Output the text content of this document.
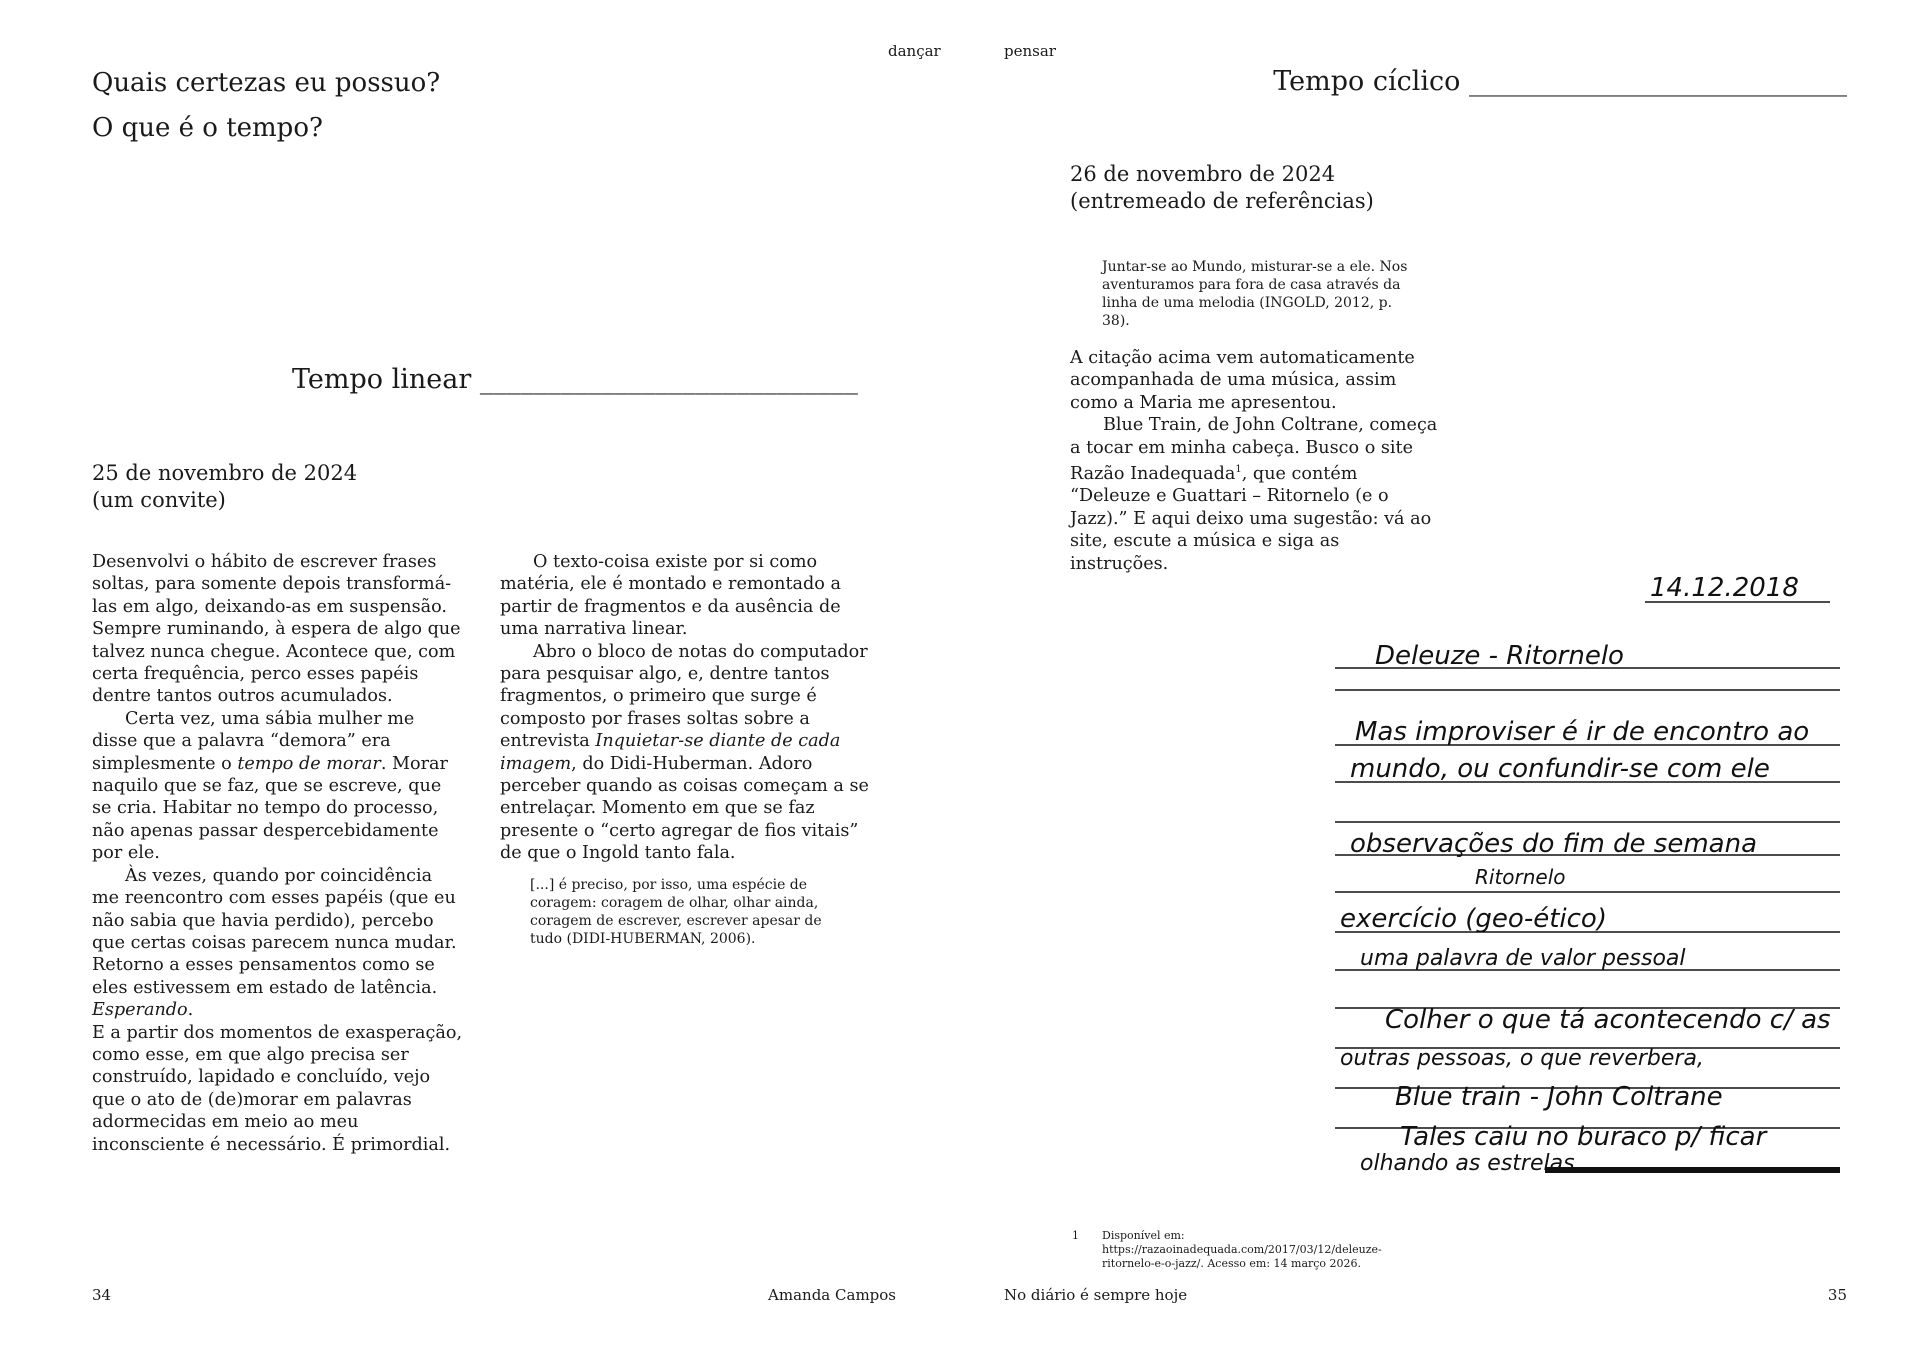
dançar	pensar
Quais certezas eu possuo?
O que é o tempo?
Tempo linear ____________________________
25 de novembro de 2024
(um convite)

Desenvolvi o hábito de escrever frases soltas, para somente depois transformá-las em algo, deixando-as em suspensão. Sempre ruminando, à espera de algo que talvez nunca chegue. Acontece que, com certa frequência, perco esses papéis dentre tantos outros acumulados.

Certa vez, uma sábia mulher me disse que a palavra “demora” era simplesmente o tempo de morar. Morar naquilo que se faz, que se escreve, que se cria. Habitar no tempo do processo, não apenas passar despercebidamente por ele.

Às vezes, quando por coincidência me reencontro com esses papéis (que eu não sabia que havia perdido), percebo que certas coisas parecem nunca mudar. Retorno a esses pensamentos como se eles estivessem em estado de latência. Esperando.

E a partir dos momentos de exasperação, como esse, em que algo precisa ser construído, lapidado e concluído, vejo que o ato de (de)morar em palavras adormecidas em meio ao meu inconsciente é necessário. É primordial.

O texto-coisa existe por si como matéria, ele é montado e remontado a partir de fragmentos e da ausência de uma narrativa linear.

Abro o bloco de notas do computador para pesquisar algo, e, dentre tantos fragmentos, o primeiro que surge é composto por frases soltas sobre a entrevista Inquietar-se diante de cada imagem, do Didi-Huberman. Adoro perceber quando as coisas começam a se entrelaçar. Momento em que se faz presente o “certo agregar de fios vitais” de que o Ingold tanto fala.

[...] é preciso, por isso, uma espécie de coragem: coragem de olhar, olhar ainda, coragem de escrever, escrever apesar de tudo (DIDI-HUBERMAN, 2006).
Tempo cíclico ____________________________
26 de novembro de 2024
(entremeado de referências)
Juntar-se ao Mundo, misturar-se a ele. Nos aventuramos para fora de casa através da linha de uma melodia (INGOLD, 2012, p. 38).

A citação acima vem automaticamente acompanhada de uma música, assim como a Maria me apresentou.

Blue Train, de John Coltrane, começa a tocar em minha cabeça. Busco o site Razão Inadequada$^1$, que contém “Deleuze e Guattari – Ritornelo (e o Jazz).” E aqui deixo uma sugestão: vá ao site, escute a música e siga as instruções.

14.12.2018
Deleuze - Ritornelo
Mas improviser é ir de encontro ao
mundo, ou confundir-se com ele
observações do fim de semana
Ritornelo
exercício (geo-ético)
uma palavra de valor pessoal
Colher o que tá acontecendo c/ as
outras pessoas, o que reverbera,
Blue train - John Coltrane
Tales caiu no buraco p/ ficar
olhando as estrelas
1 Disponível em: https://razaoinadequada.com/2017/03/12/deleuze-ritornelo-e-o-jazz/. Acesso em: 14 março 2026.
34	Amanda Campos	No diário é sempre hoje	35
